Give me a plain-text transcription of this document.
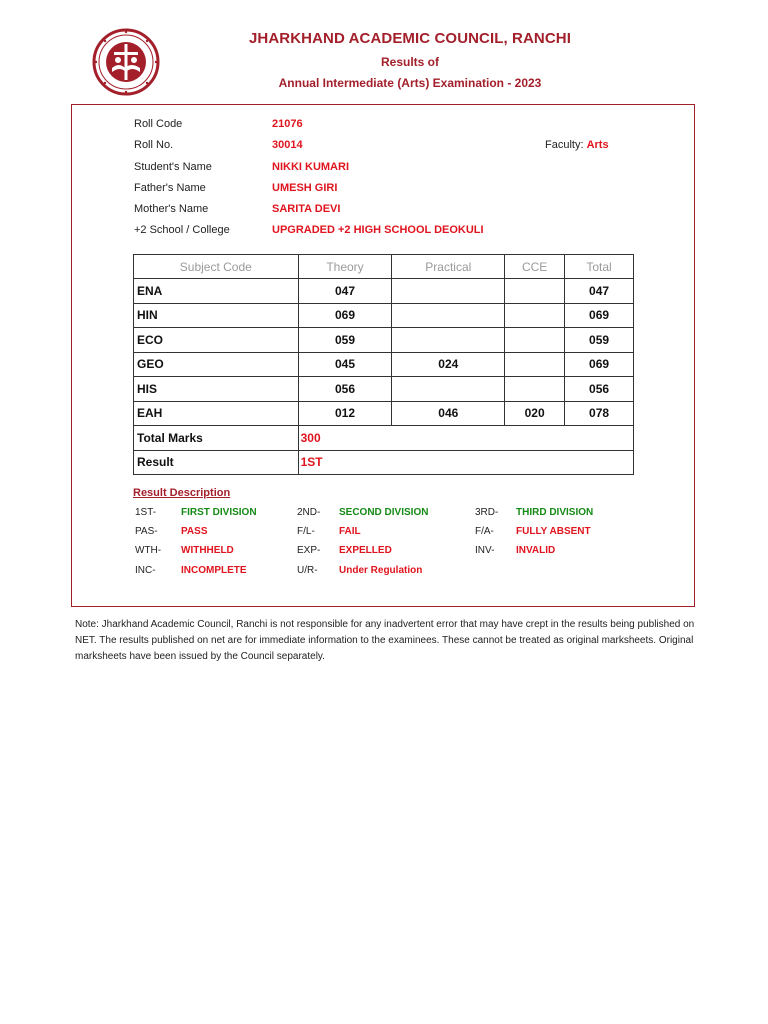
JHARKHAND ACADEMIC COUNCIL, RANCHI
Results of
Annual Intermediate (Arts) Examination - 2023
Roll Code	21076
Roll No.	30014	Faculty: Arts
Student's Name	NIKKI KUMARI
Father's Name	UMESH GIRI
Mother's Name	SARITA DEVI
+2 School / College	UPGRADED +2 HIGH SCHOOL DEOKULI
Subject Code	Theory	Practical	CCE	Total
ENA	047			047
HIN	069			069
ECO	059			059
GEO	045	024		069
HIS	056			056
EAH	012	046	020	078
Total Marks	300			
Result	1ST			
Result Description
1ST- FIRST DIVISION	2ND- SECOND DIVISION	3RD- THIRD DIVISION
PAS- PASS	F/L- FAIL	F/A- FULLY ABSENT
WTH- WITHHELD	EXP- EXPELLED	INV- INVALID
INC-	INCOMPLETE	U/R- Under Regulation
Note: Jharkhand Academic Council, Ranchi is not responsible for any inadvertent error that may have crept in the results being published on NET. The results published on net are for immediate information to the examinees. These cannot be treated as original marksheets. Original marksheets have been issued by the Council separately.
